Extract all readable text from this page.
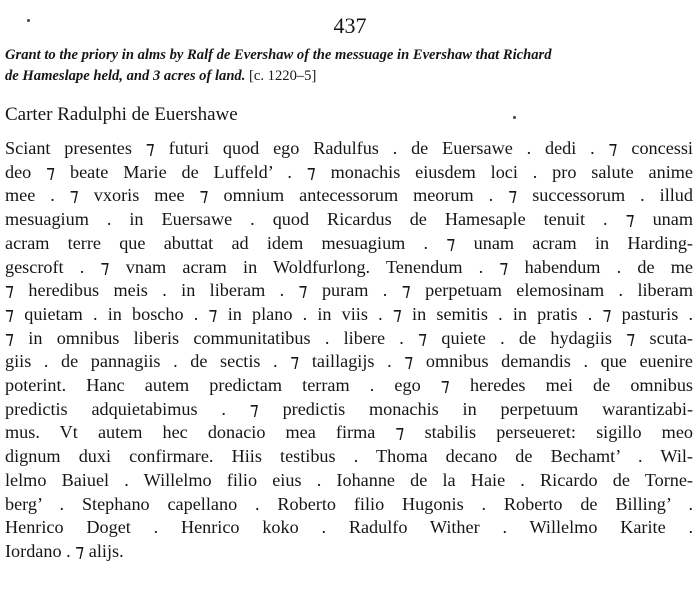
437
Grant to the priory in alms by Ralf de Evershaw of the messuage in Evershaw that Richard
de Hameslape held, and 3 acres of land. [c. 1220–5]
Carter Radulphi de Euershawe
Sciant presentes ⁊ futuri quod ego Radulfus . de Euersawe . dedi . ⁊ concessi
deo ⁊ beate Marie de Luffeld’ . ⁊ monachis eiusdem loci . pro salute anime
mee . ⁊ vxoris mee ⁊ omnium antecessorum meorum . ⁊ successorum . illud
mesuagium . in Euersawe . quod Ricardus de Hamesaple tenuit . ⁊ unam
acram terre que abuttat ad idem mesuagium . ⁊ unam acram in Harding-
gescroft . ⁊ vnam acram in Woldfurlong. Tenendum . ⁊ habendum . de me
⁊ heredibus meis . in liberam . ⁊ puram . ⁊ perpetuam elemosinam . liberam
⁊ quietam . in boscho . ⁊ in plano . in viis . ⁊ in semitis . in pratis . ⁊ pasturis .
⁊ in omnibus liberis communitatibus . libere . ⁊ quiete . de hydagiis ⁊ scuta-
giis . de pannagiis . de sectis . ⁊ taillagijs . ⁊ omnibus demandis . que euenire
poterint. Hanc autem predictam terram . ego ⁊ heredes mei de omnibus
predictis adquietabimus . ⁊ predictis monachis in perpetuum warantizabi-
mus. Vt autem hec donacio mea firma ⁊ stabilis perseueret: sigillo meo
dignum duxi confirmare. Hiis testibus . Thoma decano de Bechamt’ . Wil-
lelmo Baiuel . Willelmo filio eius . Iohanne de la Haie . Ricardo de Torne-
berg’ . Stephano capellano . Roberto filio Hugonis . Roberto de Billing’ .
Henrico Doget . Henrico koko . Radulfo Wither . Willelmo Karite .
Iordano . ⁊ alijs.
